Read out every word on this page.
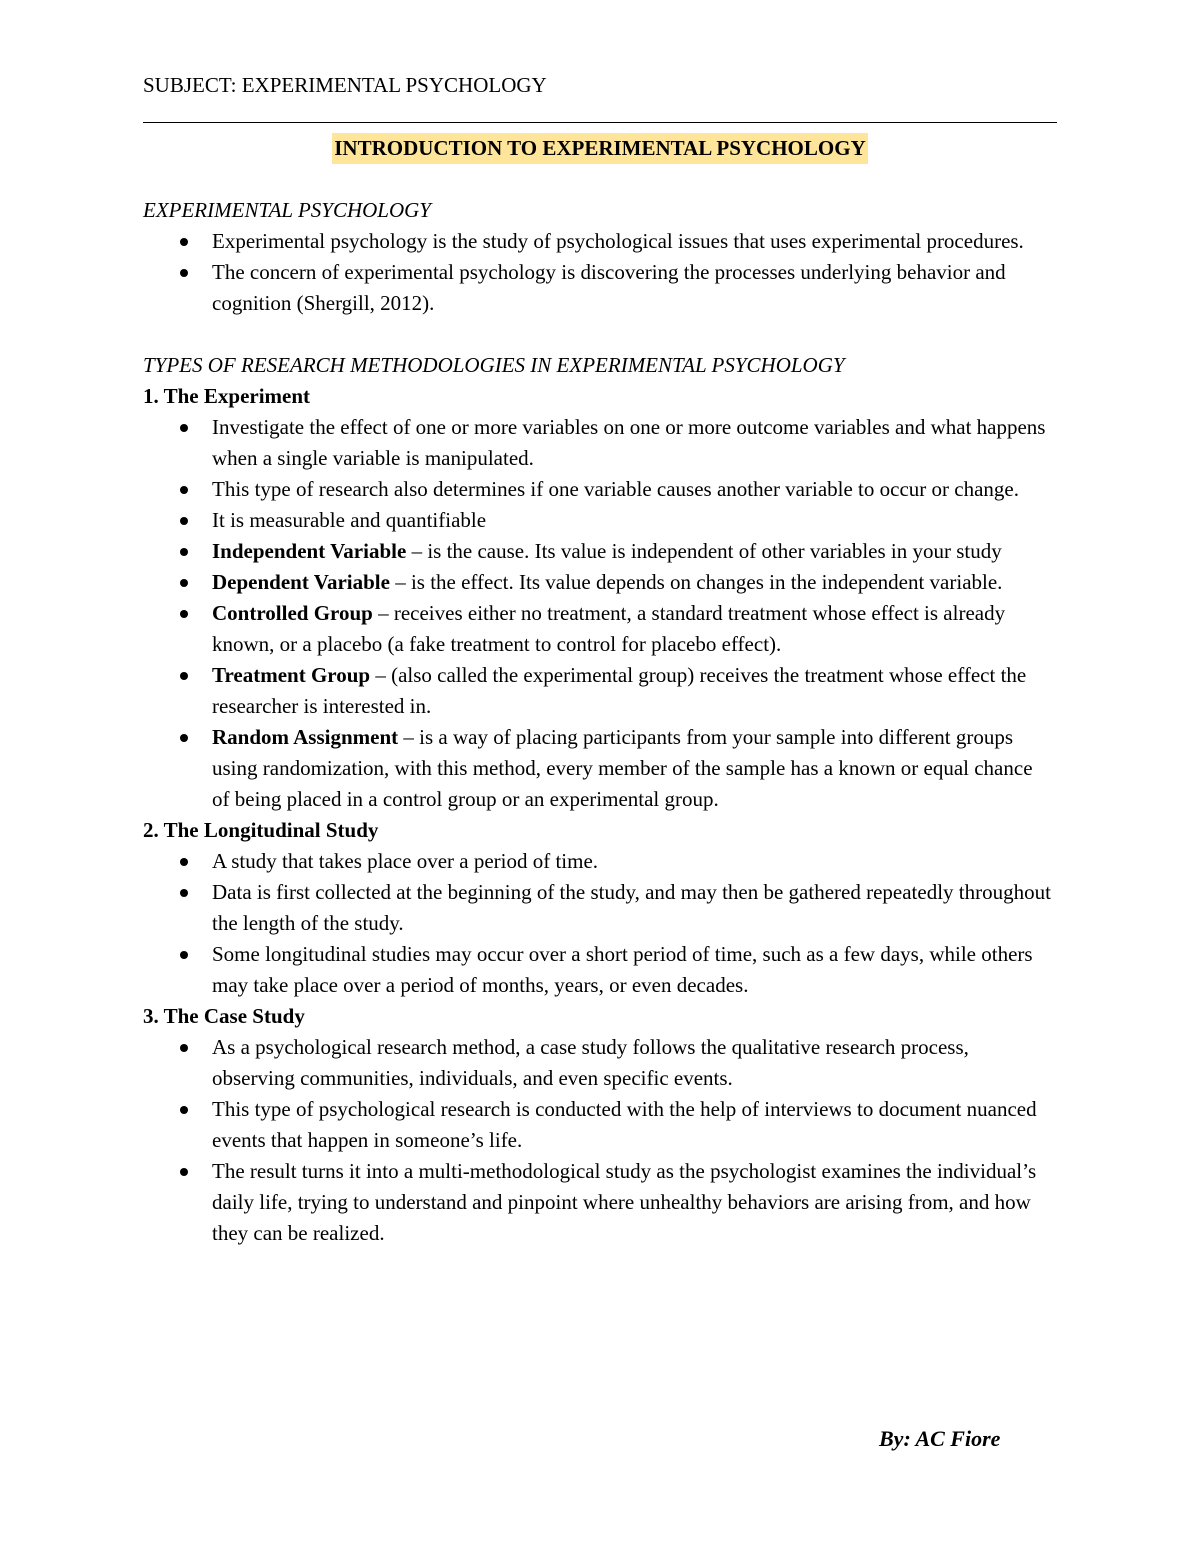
SUBJECT: EXPERIMENTAL PSYCHOLOGY

INTRODUCTION TO EXPERIMENTAL PSYCHOLOGY

EXPERIMENTAL PSYCHOLOGY

Experimental psychology is the study of psychological issues that uses experimental procedures.
The concern of experimental psychology is discovering the processes underlying behavior and cognition (Shergill, 2012).

TYPES OF RESEARCH METHODOLOGIES IN EXPERIMENTAL PSYCHOLOGY

1. The Experiment

Investigate the effect of one or more variables on one or more outcome variables and what happens when a single variable is manipulated.
This type of research also determines if one variable causes another variable to occur or change.
It is measurable and quantifiable
Independent Variable – is the cause. Its value is independent of other variables in your study
Dependent Variable – is the effect. Its value depends on changes in the independent variable.
Controlled Group – receives either no treatment, a standard treatment whose effect is already known, or a placebo (a fake treatment to control for placebo effect).
Treatment Group – (also called the experimental group) receives the treatment whose effect the researcher is interested in.
Random Assignment – is a way of placing participants from your sample into different groups using randomization, with this method, every member of the sample has a known or equal chance of being placed in a control group or an experimental group.

2. The Longitudinal Study

A study that takes place over a period of time.
Data is first collected at the beginning of the study, and may then be gathered repeatedly throughout the length of the study.
Some longitudinal studies may occur over a short period of time, such as a few days, while others may take place over a period of months, years, or even decades.

3. The Case Study

As a psychological research method, a case study follows the qualitative research process, observing communities, individuals, and even specific events.
This type of psychological research is conducted with the help of interviews to document nuanced events that happen in someone’s life.
The result turns it into a multi-methodological study as the psychologist examines the individual’s daily life, trying to understand and pinpoint where unhealthy behaviors are arising from, and how they can be realized.
By: AC Fiore
